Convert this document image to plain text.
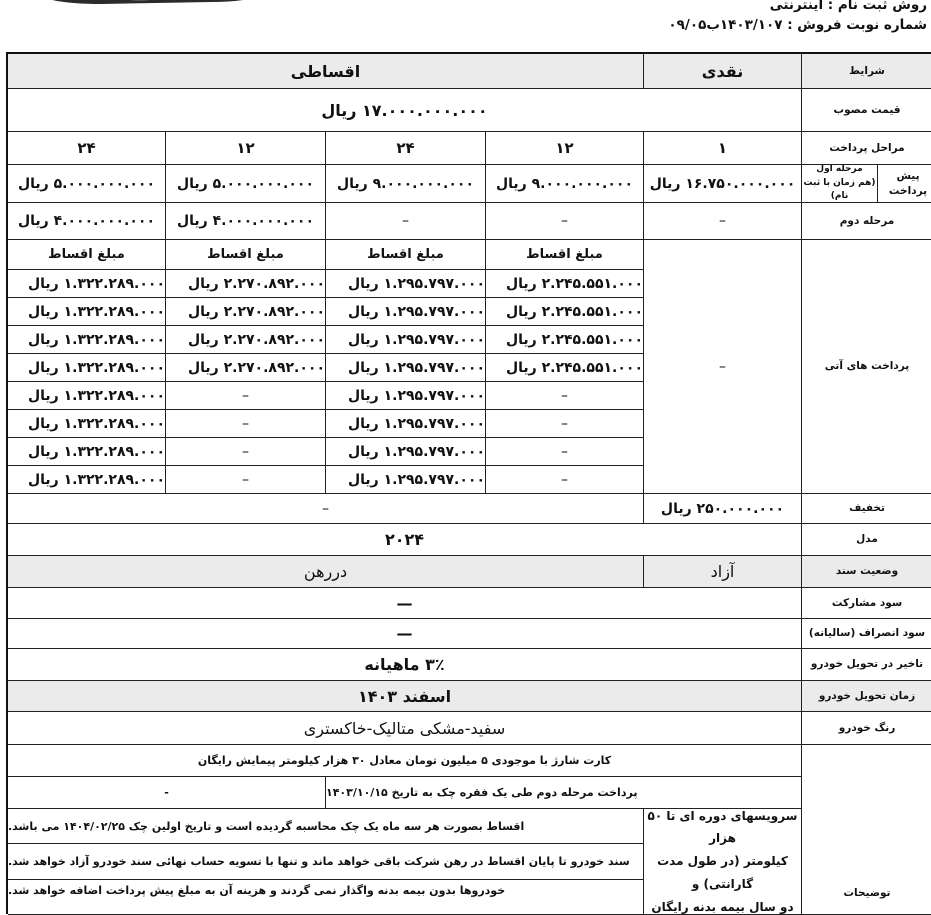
روش ثبت نام : اینترنتی
شماره نوبت فروش : ۱۴۰۳/۱۰۷ب۰۹/۰۵
شرایط
نقدی
اقساطی
قیمت مصوب
۱۷.۰۰۰.۰۰۰.۰۰۰ ریال
مراحل پرداخت
۱
۱۲
۲۴
۱۲
۲۴
پیش پرداخت
مرحله اول
(هم زمان با ثبت نام)
۱۶.۷۵۰.۰۰۰.۰۰۰ ریال
۹.۰۰۰.۰۰۰.۰۰۰ ریال
۹.۰۰۰.۰۰۰.۰۰۰ ریال
۵.۰۰۰.۰۰۰.۰۰۰ ریال
۵.۰۰۰.۰۰۰.۰۰۰ ریال
مرحله دوم
–
–
–
۴.۰۰۰.۰۰۰.۰۰۰ ریال
۴.۰۰۰.۰۰۰.۰۰۰ ریال
پرداخت های آتی
–
مبلغ اقساط
مبلغ اقساط
مبلغ اقساط
مبلغ اقساط
تخفیف
۲۵۰.۰۰۰.۰۰۰ ریال
–
مدل
۲۰۲۴
وضعیت سند
آزاد
دررهن
سود مشارکت
—
سود انصراف (سالیانه)
—
تاخیر در تحویل خودرو
۳٪ ماهیانه
زمان تحویل خودرو
اسفند ۱۴۰۳
رنگ خودرو
سفید-مشکی متالیک-خاکستری
توضیحات
کارت شارژ با موجودی ۵ میلیون تومان معادل ۳۰ هزار کیلومتر پیمایش رایگان
پرداخت مرحله دوم طی یک فقره چک به تاریخ ۱۴۰۳/۱۰/۱۵
-
سرویسهای دوره ای تا ۵۰ هزار
کیلومتر (در طول مدت گارانتی) و
دو سال بیمه بدنه رایگان
اقساط بصورت هر سه ماه یک چک محاسبه گردیده است و تاریخ اولین چک ۱۴۰۴/۰۲/۲۵ می باشد.
سند خودرو تا پایان اقساط در رهن شرکت باقی خواهد ماند و تنها با تسویه حساب نهائی سند خودرو آزاد خواهد شد.
خودروها بدون بیمه بدنه واگذار نمی گردند و هزینه آن به مبلغ پیش پرداخت اضافه خواهد شد.
۲.۲۴۵.۵۵۱.۰۰۰ ریال
۲.۲۴۵.۵۵۱.۰۰۰ ریال
۲.۲۴۵.۵۵۱.۰۰۰ ریال
۲.۲۴۵.۵۵۱.۰۰۰ ریال
–
–
–
–
۱.۲۹۵.۷۹۷.۰۰۰ ریال
۱.۲۹۵.۷۹۷.۰۰۰ ریال
۱.۲۹۵.۷۹۷.۰۰۰ ریال
۱.۲۹۵.۷۹۷.۰۰۰ ریال
۱.۲۹۵.۷۹۷.۰۰۰ ریال
۱.۲۹۵.۷۹۷.۰۰۰ ریال
۱.۲۹۵.۷۹۷.۰۰۰ ریال
۱.۲۹۵.۷۹۷.۰۰۰ ریال
۲.۲۷۰.۸۹۲.۰۰۰ ریال
۲.۲۷۰.۸۹۲.۰۰۰ ریال
۲.۲۷۰.۸۹۲.۰۰۰ ریال
۲.۲۷۰.۸۹۲.۰۰۰ ریال
–
–
–
–
۱.۳۲۲.۲۸۹.۰۰۰ ریال
۱.۳۲۲.۲۸۹.۰۰۰ ریال
۱.۳۲۲.۲۸۹.۰۰۰ ریال
۱.۳۲۲.۲۸۹.۰۰۰ ریال
۱.۳۲۲.۲۸۹.۰۰۰ ریال
۱.۳۲۲.۲۸۹.۰۰۰ ریال
۱.۳۲۲.۲۸۹.۰۰۰ ریال
۱.۳۲۲.۲۸۹.۰۰۰ ریال
